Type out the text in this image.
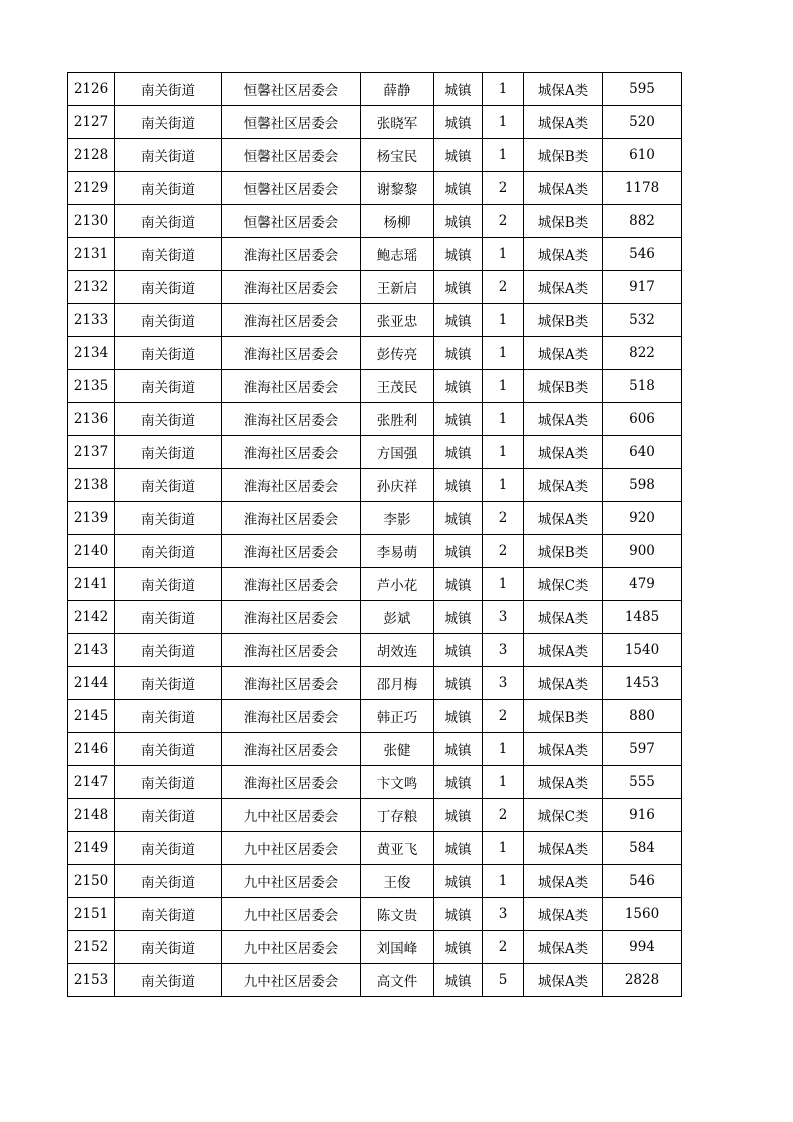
2126	南关街道	恒馨社区居委会	薛静	城镇	1	城保A类	595
2127	南关街道	恒馨社区居委会	张晓军	城镇	1	城保A类	520
2128	南关街道	恒馨社区居委会	杨宝民	城镇	1	城保B类	610
2129	南关街道	恒馨社区居委会	谢黎黎	城镇	2	城保A类	1178
2130	南关街道	恒馨社区居委会	杨柳	城镇	2	城保B类	882
2131	南关街道	淮海社区居委会	鲍志瑶	城镇	1	城保A类	546
2132	南关街道	淮海社区居委会	王新启	城镇	2	城保A类	917
2133	南关街道	淮海社区居委会	张亚忠	城镇	1	城保B类	532
2134	南关街道	淮海社区居委会	彭传亮	城镇	1	城保A类	822
2135	南关街道	淮海社区居委会	王茂民	城镇	1	城保B类	518
2136	南关街道	淮海社区居委会	张胜利	城镇	1	城保A类	606
2137	南关街道	淮海社区居委会	方国强	城镇	1	城保A类	640
2138	南关街道	淮海社区居委会	孙庆祥	城镇	1	城保A类	598
2139	南关街道	淮海社区居委会	李影	城镇	2	城保A类	920
2140	南关街道	淮海社区居委会	李易萌	城镇	2	城保B类	900
2141	南关街道	淮海社区居委会	芦小花	城镇	1	城保C类	479
2142	南关街道	淮海社区居委会	彭斌	城镇	3	城保A类	1485
2143	南关街道	淮海社区居委会	胡效连	城镇	3	城保A类	1540
2144	南关街道	淮海社区居委会	邵月梅	城镇	3	城保A类	1453
2145	南关街道	淮海社区居委会	韩正巧	城镇	2	城保B类	880
2146	南关街道	淮海社区居委会	张健	城镇	1	城保A类	597
2147	南关街道	淮海社区居委会	卞文鸣	城镇	1	城保A类	555
2148	南关街道	九中社区居委会	丁存粮	城镇	2	城保C类	916
2149	南关街道	九中社区居委会	黄亚飞	城镇	1	城保A类	584
2150	南关街道	九中社区居委会	王俊	城镇	1	城保A类	546
2151	南关街道	九中社区居委会	陈文贵	城镇	3	城保A类	1560
2152	南关街道	九中社区居委会	刘国峰	城镇	2	城保A类	994
2153	南关街道	九中社区居委会	高文件	城镇	5	城保A类	2828
